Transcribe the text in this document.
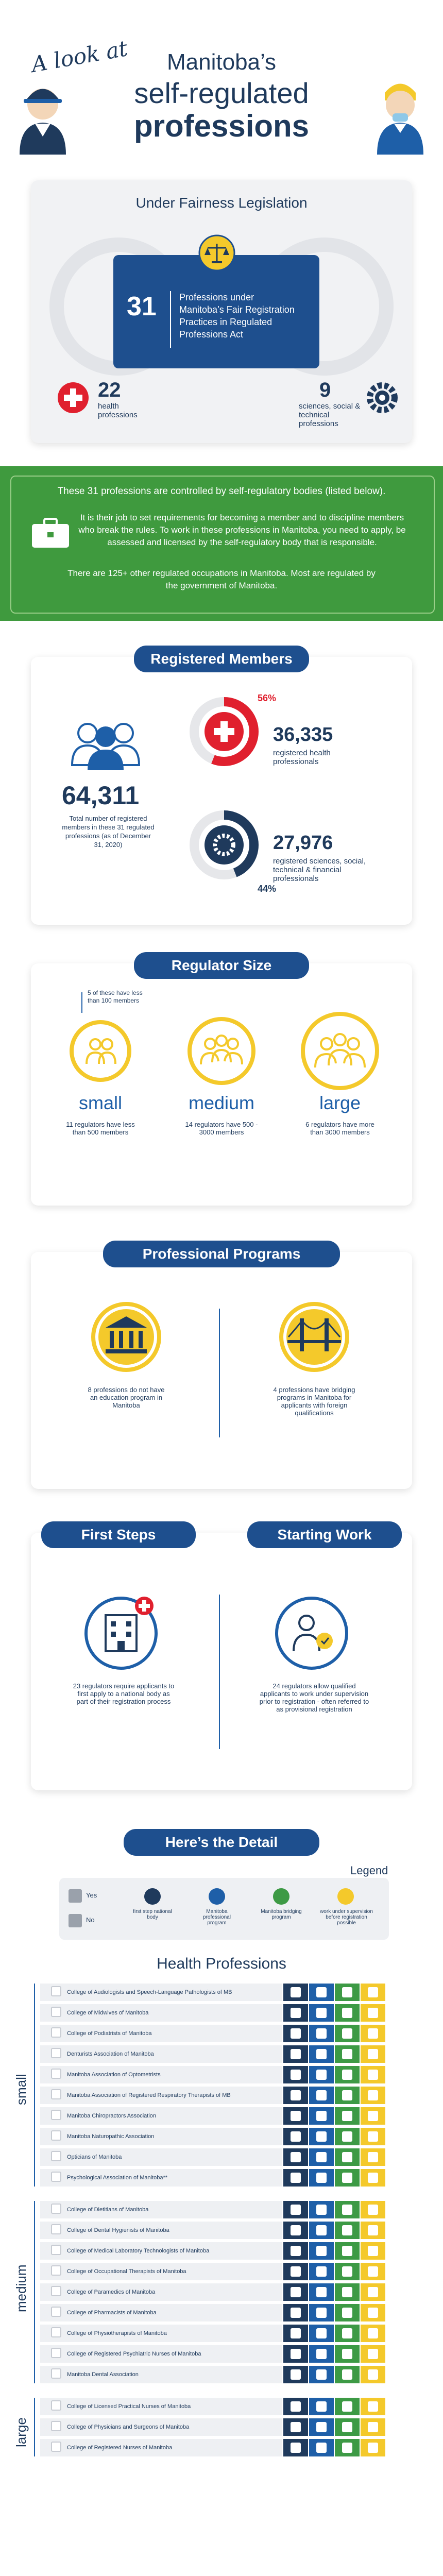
A look at	Manitoba’s
self-regulated
professions
Under Fairness Legislation
31 Professions under Manitoba’s Fair Registration Practices in Regulated Professions Act
22
health professions
9
sciences, social & technical professions
These 31 professions are controlled by self-regulatory bodies (listed below).
It is their job to set requirements for becoming a member and to discipline members who break the rules. To work in these professions in Manitoba, you need to apply, be assessed and licensed by the self-regulatory body that is responsible.
There are 125+ other regulated occupations in Manitoba. Most are regulated by the government of Manitoba.
Registered Members
64,311
Total number of registered members in these 31 regulated professions (as of December 31, 2020)
56%
36,335
registered health professionals
27,976
registered sciences, social, technical & financial professionals
44%
Regulator Size
5 of these have less than 100 members
small
11 regulators have less than 500 members
medium
14 regulators have 500 - 3000 members
large
6 regulators have more than 3000 members
Professional Programs
8 professions do not have an education program in Manitoba
4 professions have bridging programs in Manitoba for applicants with foreign qualifications
First Steps	Starting Work
23 regulators require applicants to first apply to a national body as part of their registration process
24 regulators allow qualified applicants to work under supervision prior to registration - often referred to as provisional registration
Here’s the Detail
Legend
Yes
No
first step national body
Manitoba professional program
Manitoba bridging program
work under supervision before registration possible
Health Professions
College of Audiologists and Speech-Language Pathologists of MB
College of Midwives of Manitoba
College of Podiatrists of Manitoba
Denturists Association of Manitoba
Manitoba Association of Optometrists
Manitoba Association of Registered Respiratory Therapists of MB
Manitoba Chiropractors Association
Manitoba Naturopathic Association
Opticians of Manitoba
Psychological Association of Manitoba**
small
College of Dietitians of Manitoba
College of Dental Hygienists of Manitoba
College of Medical Laboratory Technologists of Manitoba
College of Occupational Therapists of Manitoba
College of Paramedics of Manitoba
College of Pharmacists of Manitoba
College of Physiotherapists of Manitoba
College of Registered Psychiatric Nurses of Manitoba
Manitoba Dental Association
medium
College of Licensed Practical Nurses of Manitoba
College of Physicians and Surgeons of Manitoba
College of Registered Nurses of Manitoba
large
